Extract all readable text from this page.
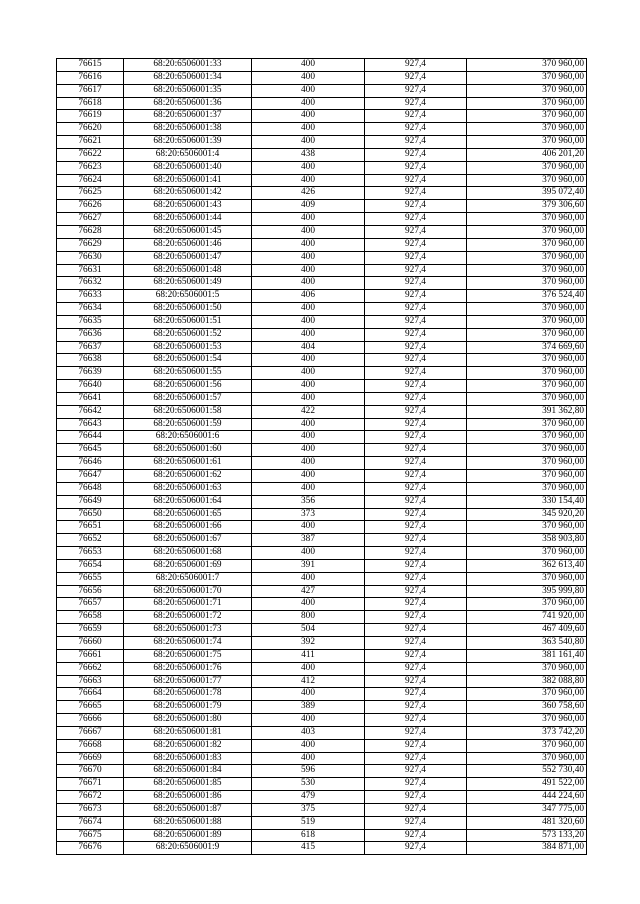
76615	68:20:6506001:33	400	927,4	370 960,00
76616	68:20:6506001:34	400	927,4	370 960,00
76617	68:20:6506001:35	400	927,4	370 960,00
76618	68:20:6506001:36	400	927,4	370 960,00
76619	68:20:6506001:37	400	927,4	370 960,00
76620	68:20:6506001:38	400	927,4	370 960,00
76621	68:20:6506001:39	400	927,4	370 960,00
76622	68:20:6506001:4	438	927,4	406 201,20
76623	68:20:6506001:40	400	927,4	370 960,00
76624	68:20:6506001:41	400	927,4	370 960,00
76625	68:20:6506001:42	426	927,4	395 072,40
76626	68:20:6506001:43	409	927,4	379 306,60
76627	68:20:6506001:44	400	927,4	370 960,00
76628	68:20:6506001:45	400	927,4	370 960,00
76629	68:20:6506001:46	400	927,4	370 960,00
76630	68:20:6506001:47	400	927,4	370 960,00
76631	68:20:6506001:48	400	927,4	370 960,00
76632	68:20:6506001:49	400	927,4	370 960,00
76633	68:20:6506001:5	406	927,4	376 524,40
76634	68:20:6506001:50	400	927,4	370 960,00
76635	68:20:6506001:51	400	927,4	370 960,00
76636	68:20:6506001:52	400	927,4	370 960,00
76637	68:20:6506001:53	404	927,4	374 669,60
76638	68:20:6506001:54	400	927,4	370 960,00
76639	68:20:6506001:55	400	927,4	370 960,00
76640	68:20:6506001:56	400	927,4	370 960,00
76641	68:20:6506001:57	400	927,4	370 960,00
76642	68:20:6506001:58	422	927,4	391 362,80
76643	68:20:6506001:59	400	927,4	370 960,00
76644	68:20:6506001:6	400	927,4	370 960,00
76645	68:20:6506001:60	400	927,4	370 960,00
76646	68:20:6506001:61	400	927,4	370 960,00
76647	68:20:6506001:62	400	927,4	370 960,00
76648	68:20:6506001:63	400	927,4	370 960,00
76649	68:20:6506001:64	356	927,4	330 154,40
76650	68:20:6506001:65	373	927,4	345 920,20
76651	68:20:6506001:66	400	927,4	370 960,00
76652	68:20:6506001:67	387	927,4	358 903,80
76653	68:20:6506001:68	400	927,4	370 960,00
76654	68:20:6506001:69	391	927,4	362 613,40
76655	68:20:6506001:7	400	927,4	370 960,00
76656	68:20:6506001:70	427	927,4	395 999,80
76657	68:20:6506001:71	400	927,4	370 960,00
76658	68:20:6506001:72	800	927,4	741 920,00
76659	68:20:6506001:73	504	927,4	467 409,60
76660	68:20:6506001:74	392	927,4	363 540,80
76661	68:20:6506001:75	411	927,4	381 161,40
76662	68:20:6506001:76	400	927,4	370 960,00
76663	68:20:6506001:77	412	927,4	382 088,80
76664	68:20:6506001:78	400	927,4	370 960,00
76665	68:20:6506001:79	389	927,4	360 758,60
76666	68:20:6506001:80	400	927,4	370 960,00
76667	68:20:6506001:81	403	927,4	373 742,20
76668	68:20:6506001:82	400	927,4	370 960,00
76669	68:20:6506001:83	400	927,4	370 960,00
76670	68:20:6506001:84	596	927,4	552 730,40
76671	68:20:6506001:85	530	927,4	491 522,00
76672	68:20:6506001:86	479	927,4	444 224,60
76673	68:20:6506001:87	375	927,4	347 775,00
76674	68:20:6506001:88	519	927,4	481 320,60
76675	68:20:6506001:89	618	927,4	573 133,20
76676	68:20:6506001:9	415	927,4	384 871,00
